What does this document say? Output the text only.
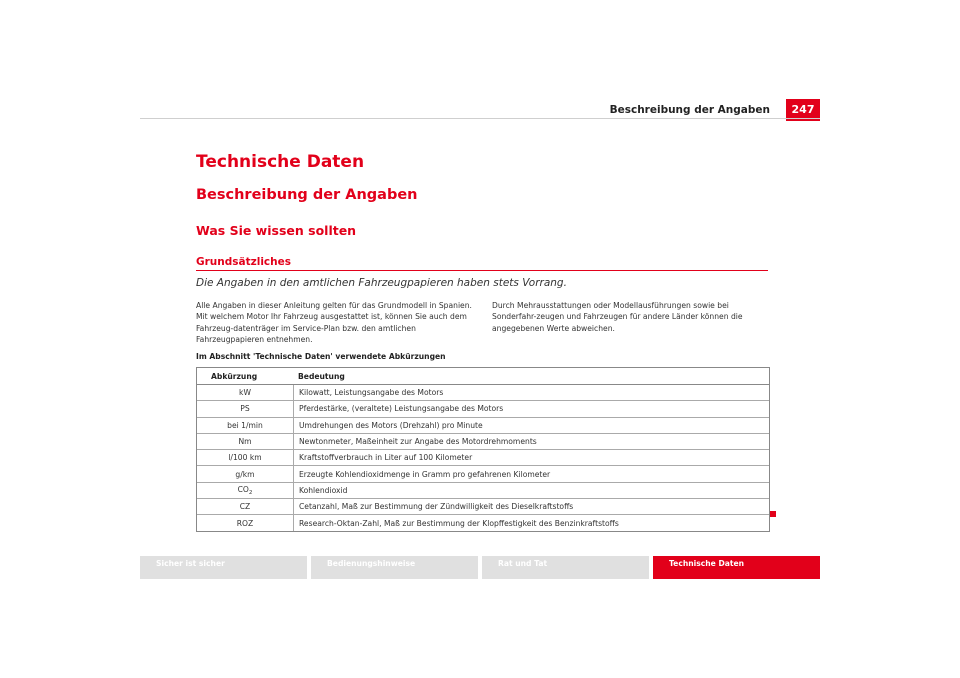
Beschreibung der Angaben	247
Technische Daten
Beschreibung der Angaben
Was Sie wissen sollten
Grundsätzliches
Die Angaben in den amtlichen Fahrzeugpapieren haben stets Vorrang.

Alle Angaben in dieser Anleitung gelten für das Grundmodell in Spanien. Mit welchem Motor Ihr Fahrzeug ausgestattet ist, können Sie auch dem Fahrzeug-datenträger im Service-Plan bzw. den amtlichen Fahrzeugpapieren entnehmen.

Durch Mehrausstattungen oder Modellausführungen sowie bei Sonderfahr-zeugen und Fahrzeugen für andere Länder können die angegebenen Werte abweichen.

Im Abschnitt 'Technische Daten' verwendete Abkürzungen
Abkürzung	Bedeutung
kW	Kilowatt, Leistungsangabe des Motors
PS	Pferdestärke, (veraltete) Leistungsangabe des Motors
bei 1/min	Umdrehungen des Motors (Drehzahl) pro Minute
Nm	Newtonmeter, Maßeinheit zur Angabe des Motordrehmoments
l/100 km	Kraftstoffverbrauch in Liter auf 100 Kilometer
g/km	Erzeugte Kohlendioxidmenge in Gramm pro gefahrenen Kilometer
$CO_2$	Kohlendioxid
CZ	Cetanzahl, Maß zur Bestimmung der Zündwilligkeit des Dieselkraftstoffs
ROZ	Research-Oktan-Zahl, Maß zur Bestimmung der Klopffestigkeit des Benzinkraftstoffs
Sicher ist sicher	Bedienungshinweise	Rat und Tat	Technische Daten
